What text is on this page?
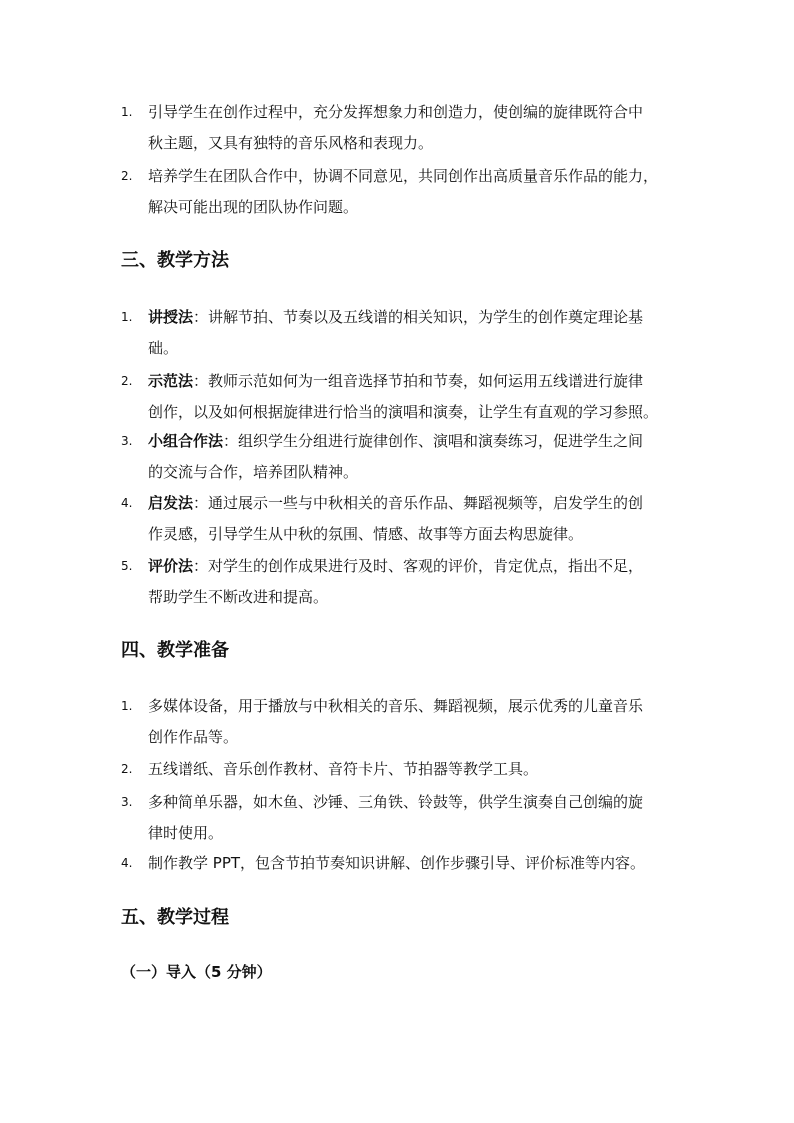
1. 引导学生在创作过程中，充分发挥想象力和创造力，使创编的旋律既符合中
秋主题，又具有独特的音乐风格和表现力。
2. 培养学生在团队合作中，协调不同意见，共同创作出高质量音乐作品的能力，
解决可能出现的团队协作问题。
三、教学方法
1. 讲授法：讲解节拍、节奏以及五线谱的相关知识，为学生的创作奠定理论基
础。
2. 示范法：教师示范如何为一组音选择节拍和节奏，如何运用五线谱进行旋律
创作，以及如何根据旋律进行恰当的演唱和演奏，让学生有直观的学习参照。
3. 小组合作法：组织学生分组进行旋律创作、演唱和演奏练习，促进学生之间
的交流与合作，培养团队精神。
4. 启发法：通过展示一些与中秋相关的音乐作品、舞蹈视频等，启发学生的创
作灵感，引导学生从中秋的氛围、情感、故事等方面去构思旋律。
5. 评价法：对学生的创作成果进行及时、客观的评价，肯定优点，指出不足，
帮助学生不断改进和提高。
四、教学准备
1. 多媒体设备，用于播放与中秋相关的音乐、舞蹈视频，展示优秀的儿童音乐
创作作品等。
2. 五线谱纸、音乐创作教材、音符卡片、节拍器等教学工具。
3. 多种简单乐器，如木鱼、沙锤、三角铁、铃鼓等，供学生演奏自己创编的旋
律时使用。
4. 制作教学 PPT，包含节拍节奏知识讲解、创作步骤引导、评价标准等内容。
五、教学过程
（一）导入（5 分钟）
